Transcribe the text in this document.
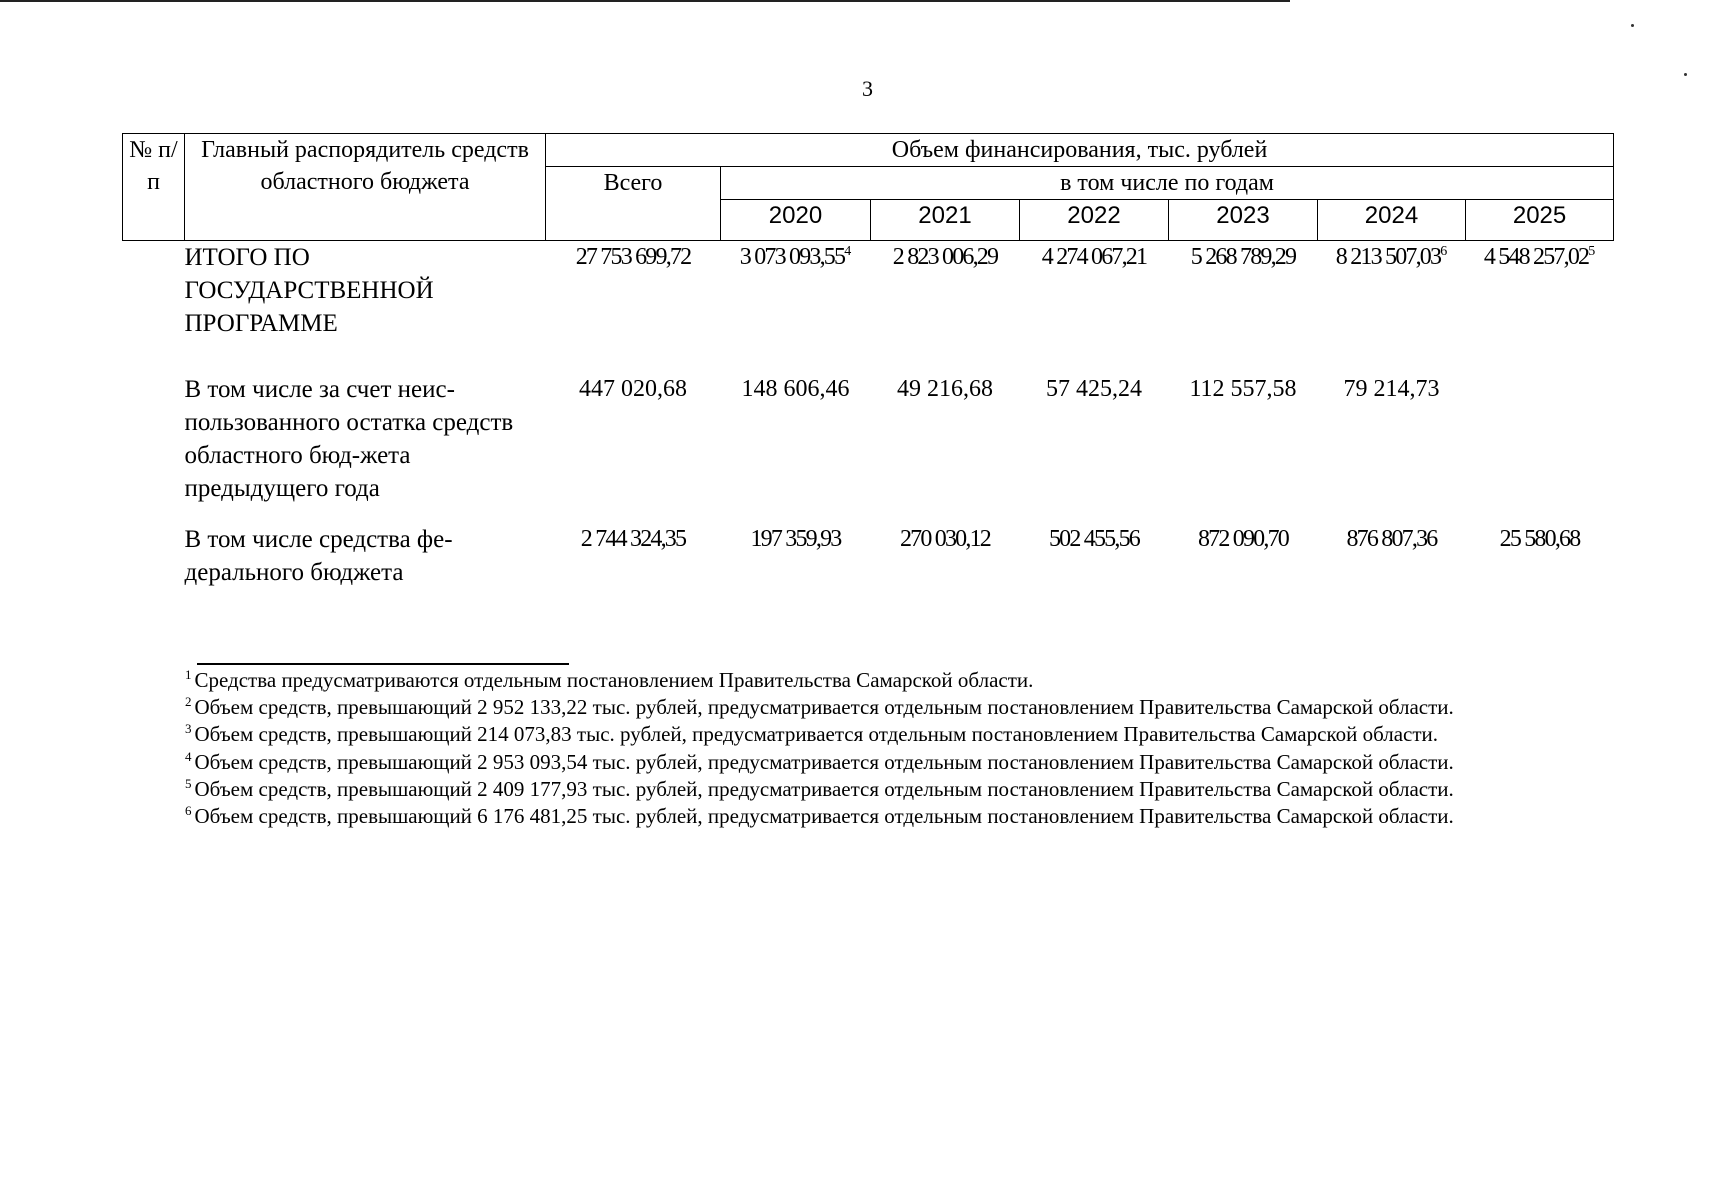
3
№ п/п	Главный распорядитель средств областного бюджета	Объем финансирования, тыс. рублей						
		Всего	в том числе по годам					
			2020	2021	2022	2023	2024	2025
	ИТОГО ПО ГОСУДАРСТВЕННОЙ ПРОГРАММЕ	27 753 699,72	3 073 093,55$^4$	2 823 006,29	4 274 067,21	5 268 789,29	8 213 507,03$^6$	4 548 257,02$^5$
	В том числе за счет неис-пользованного остатка средств областного бюд-жета предыдущего года	447 020,68	148 606,46	49 216,68	57 425,24	112 557,58	79 214,73	
	В том числе средства фе-дерального бюджета	2 744 324,35	197 359,93	270 030,12	502 455,56	872 090,70	876 807,36	25 580,68
$^1$ Средства предусматриваются отдельным постановлением Правительства Самарской области.
$^2$ Объем средств, превышающий 2 952 133,22 тыс. рублей, предусматривается отдельным постановлением Правительства Самарской области.
$^3$ Объем средств, превышающий 214 073,83 тыс. рублей, предусматривается отдельным постановлением Правительства Самарской области.
$^4$ Объем средств, превышающий 2 953 093,54 тыс. рублей, предусматривается отдельным постановлением Правительства Самарской области.
$^5$ Объем средств, превышающий 2 409 177,93 тыс. рублей, предусматривается отдельным постановлением Правительства Самарской области.
$^6$ Объем средств, превышающий 6 176 481,25 тыс. рублей, предусматривается отдельным постановлением Правительства Самарской области.
